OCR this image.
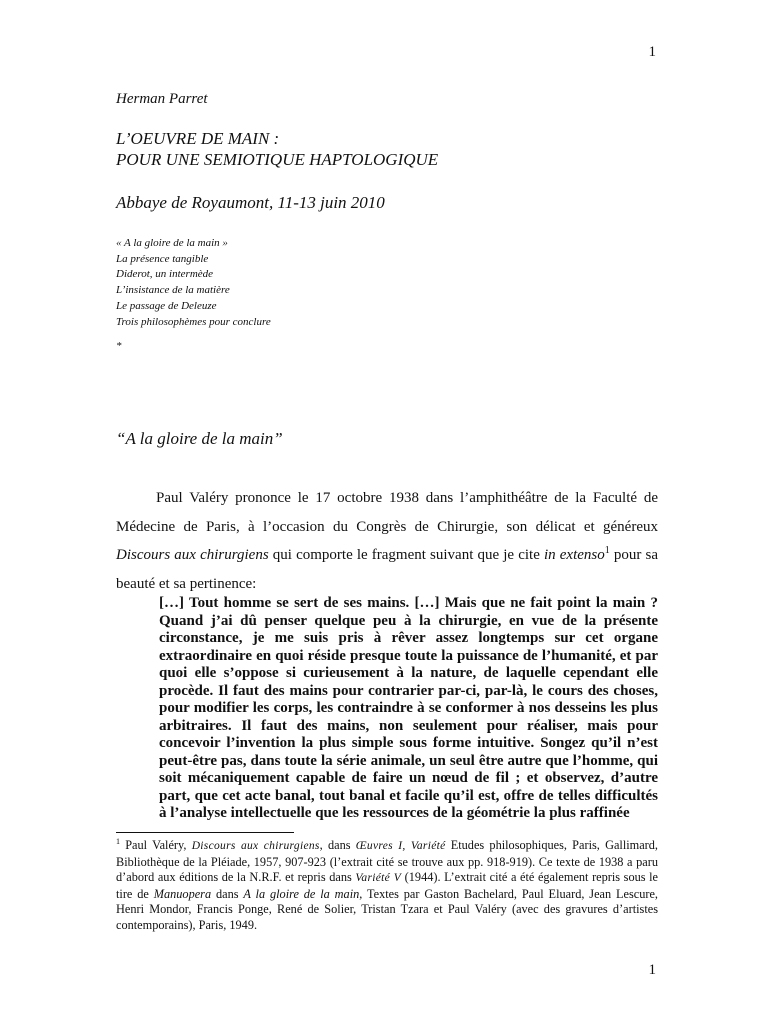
1
Herman Parret
L’OEUVRE DE MAIN :
POUR UNE SEMIOTIQUE HAPTOLOGIQUE
Abbaye de Royaumont, 11-13 juin 2010
« A la gloire de la main »
La présence tangible
Diderot, un intermède
L’insistance de la matière
Le passage de Deleuze
Trois philosophèmes pour conclure
*
“A la gloire de la main”
Paul Valéry prononce le 17 octobre 1938 dans l’amphithéâtre de la Faculté de Médecine de Paris, à l’occasion du Congrès de Chirurgie, son délicat et généreux Discours aux chirurgiens qui comporte le fragment suivant que je cite in extenso$^1$ pour sa beauté et sa pertinence:
[…] Tout homme se sert de ses mains. […] Mais que ne fait point la main ? Quand j’ai dû penser quelque peu à la chirurgie, en vue de la présente circonstance, je me suis pris à rêver assez longtemps sur cet organe extraordinaire en quoi réside presque toute la puissance de l’humanité, et par quoi elle s’oppose si curieusement à la nature, de laquelle cependant elle procède. Il faut des mains pour contrarier par-ci, par-là, le cours des choses, pour modifier les corps, les contraindre à se conformer à nos desseins les plus arbitraires. Il faut des mains, non seulement pour réaliser, mais pour concevoir l’invention la plus simple sous forme intuitive. Songez qu’il n’est peut-être pas, dans toute la série animale, un seul être autre que l’homme, qui soit mécaniquement capable de faire un nœud de fil ; et observez, d’autre part, que cet acte banal, tout banal et facile qu’il est, offre de telles difficultés à l’analyse intellectuelle que les ressources de la géométrie la plus raffinée
$^1$ Paul Valéry, Discours aux chirurgiens, dans Œuvres I, Variété Etudes philosophiques, Paris, Gallimard, Bibliothèque de la Pléiade, 1957, 907-923 (l’extrait cité se trouve aux pp. 918-919). Ce texte de 1938 a paru d’abord aux éditions de la N.R.F. et repris dans Variété V (1944). L’extrait cité a été également repris sous le tire de Manuopera dans A la gloire de la main, Textes par Gaston Bachelard, Paul Eluard, Jean Lescure, Henri Mondor, Francis Ponge, René de Solier, Tristan Tzara et Paul Valéry (avec des gravures d’artistes contemporains), Paris, 1949.
1
